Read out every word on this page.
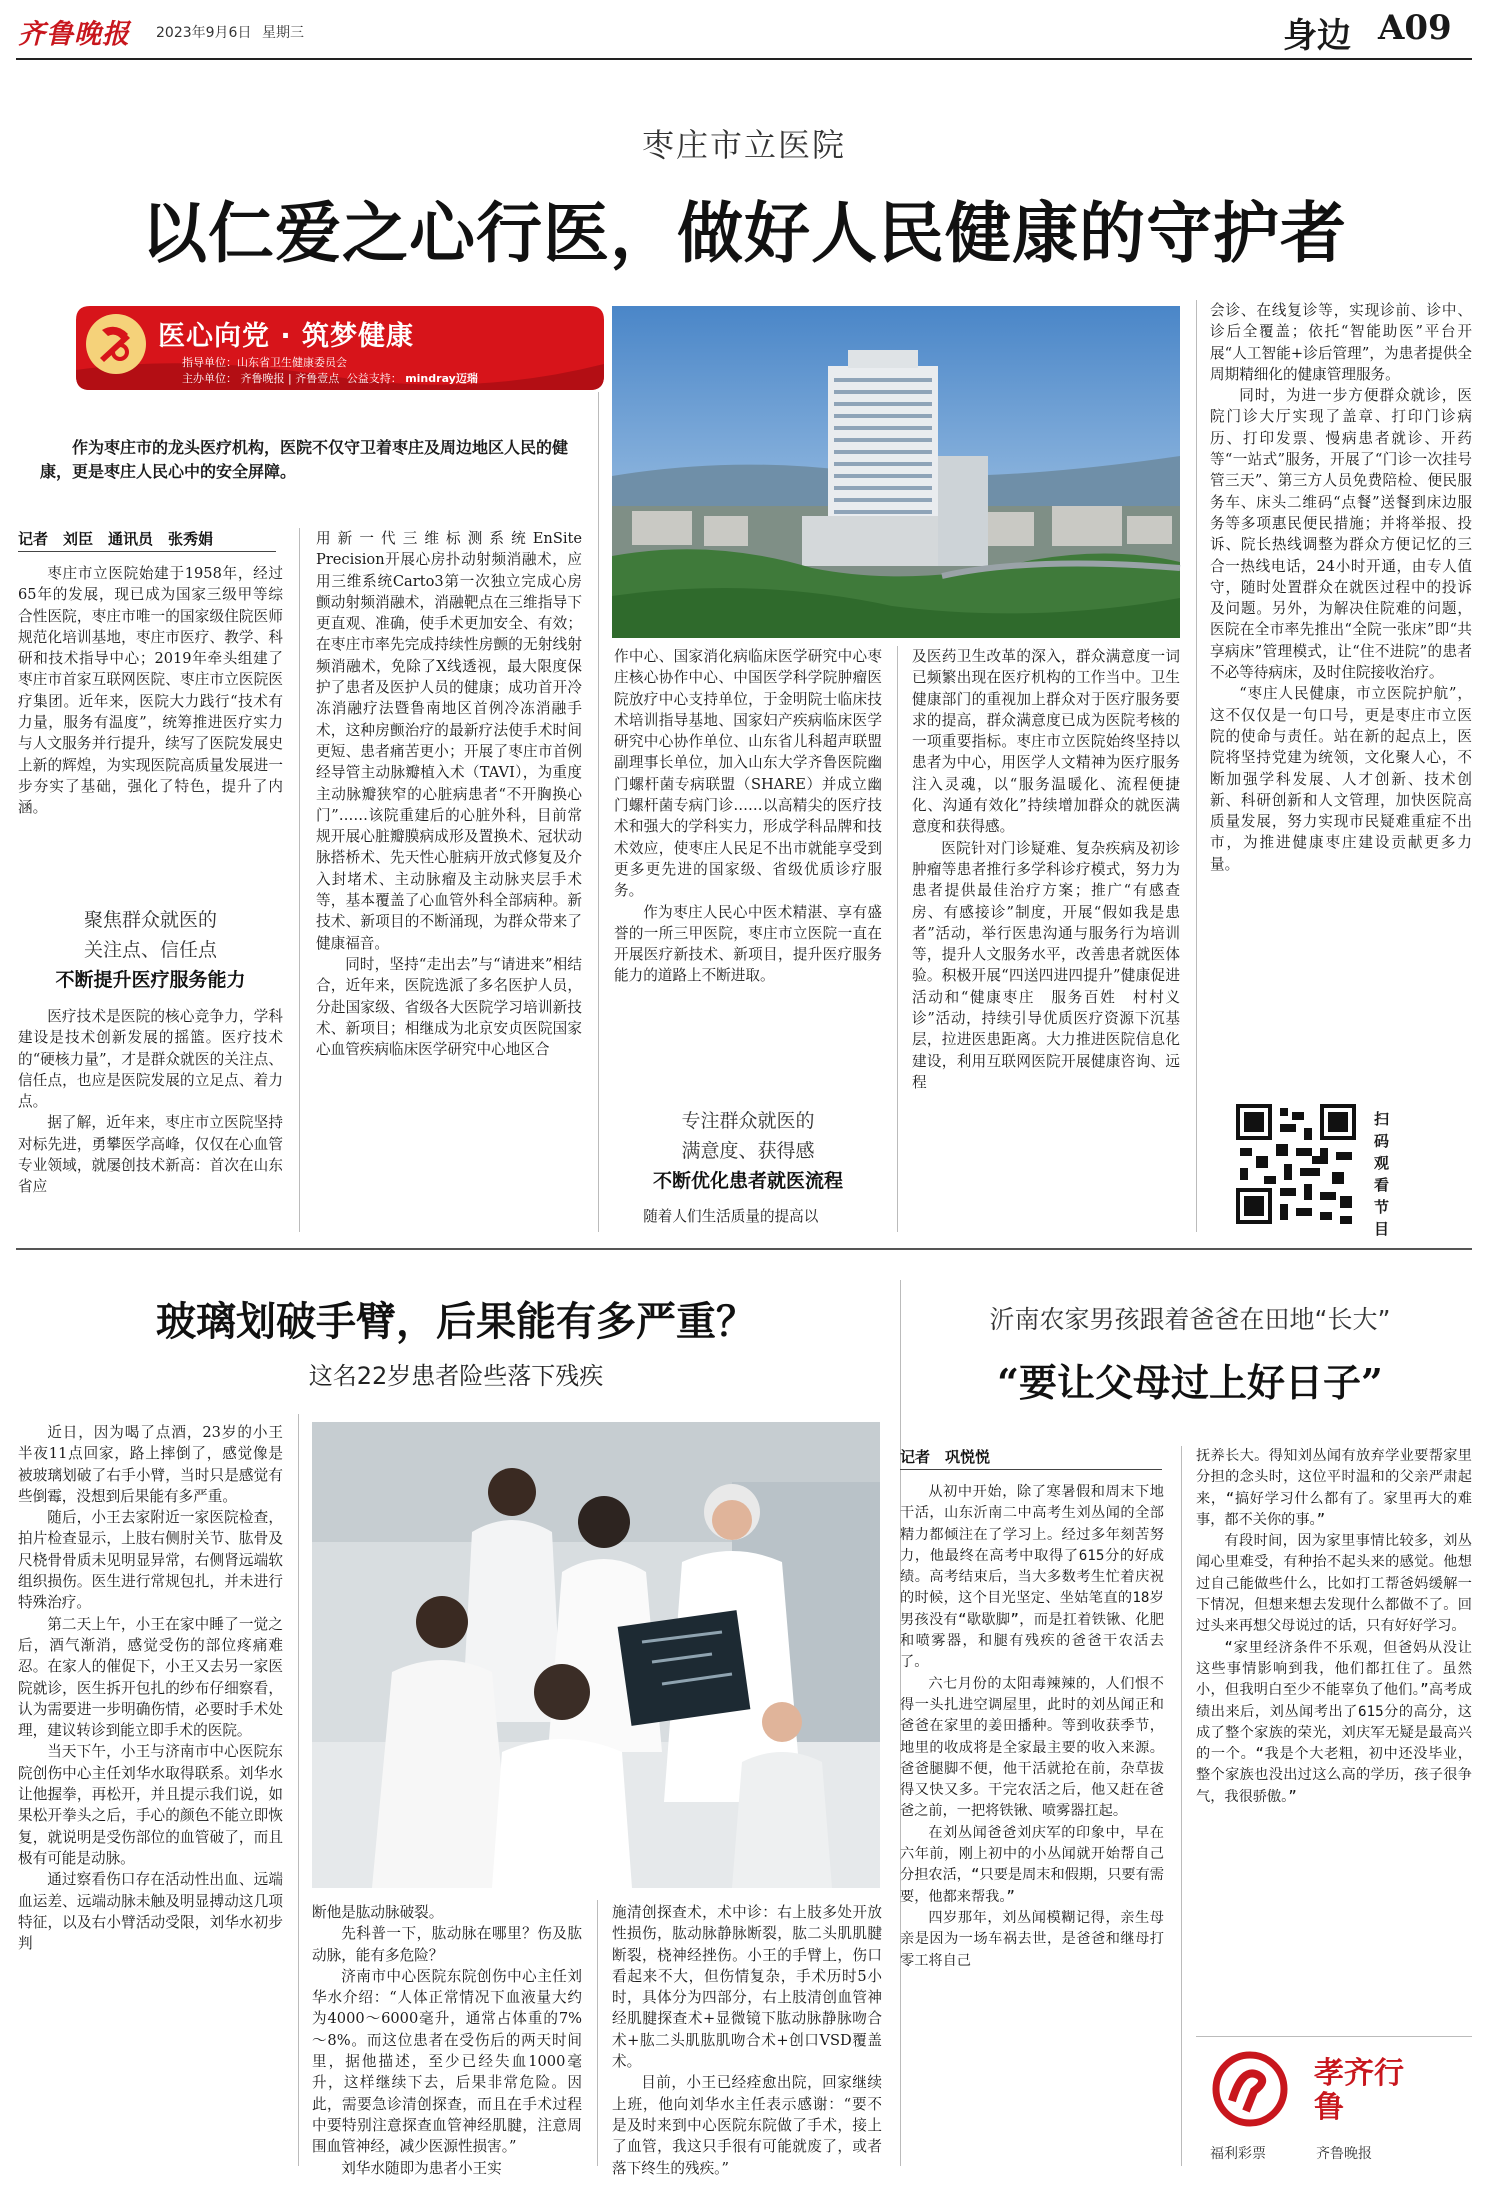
齐鲁晚报 2023年9月6日 星期三	身边 A09
枣庄市立医院
以仁爱之心行医，做好人民健康的守护者
医心向党 · 筑梦健康
指导单位：山东省卫生健康委员会
主办单位： 齐鲁晚报 | 齐鲁壹点 公益支持： mindray迈瑞
作为枣庄市的龙头医疗机构，医院不仅守卫着枣庄及周边地区人民的健康，更是枣庄人民心中的安全屏障。
记者　刘臣　通讯员　张秀娟

枣庄市立医院始建于1958年，经过65年的发展，现已成为国家三级甲等综合性医院，枣庄市唯一的国家级住院医师规范化培训基地，枣庄市医疗、教学、科研和技术指导中心；2019年牵头组建了枣庄市首家互联网医院、枣庄市立医院医疗集团。近年来，医院大力践行“技术有力量，服务有温度”，统筹推进医疗实力与人文服务并行提升，续写了医院发展史上新的辉煌，为实现医院高质量发展进一步夯实了基础，强化了特色，提升了内涵。

聚焦群众就医的
关注点、信任点
不断提升医疗服务能力

医疗技术是医院的核心竞争力，学科建设是技术创新发展的摇篮。医疗技术的“硬核力量”，才是群众就医的关注点、信任点，也应是医院发展的立足点、着力点。

据了解，近年来，枣庄市立医院坚持对标先进，勇攀医学高峰，仅仅在心血管专业领域，就屡创技术新高：首次在山东省应

用新一代三维标测系统EnSite Precision开展心房扑动射频消融术，应用三维系统Carto3第一次独立完成心房颤动射频消融术，消融靶点在三维指导下更直观、准确，使手术更加安全、有效；在枣庄市率先完成持续性房颤的无射线射频消融术，免除了X线透视，最大限度保护了患者及医护人员的健康；成功首开冷冻消融疗法暨鲁南地区首例冷冻消融手术，这种房颤治疗的最新疗法使手术时间更短、患者痛苦更小；开展了枣庄市首例经导管主动脉瓣植入术（TAVI），为重度主动脉瓣狭窄的心脏病患者“不开胸换心门”……该院重建后的心脏外科，目前常规开展心脏瓣膜病成形及置换术、冠状动脉搭桥术、先天性心脏病开放式修复及介入封堵术、主动脉瘤及主动脉夹层手术等，基本覆盖了心血管外科全部病种。新技术、新项目的不断涌现，为群众带来了健康福音。

同时，坚持“走出去”与“请进来”相结合，近年来，医院选派了多名医护人员，分赴国家级、省级各大医院学习培训新技术、新项目；相继成为北京安贞医院国家心血管疾病临床医学研究中心地区合

作中心、国家消化病临床医学研究中心枣庄核心协作中心、中国医学科学院肿瘤医院放疗中心支持单位，于金明院士临床技术培训指导基地、国家妇产疾病临床医学研究中心协作单位、山东省儿科超声联盟副理事长单位，加入山东大学齐鲁医院幽门螺杆菌专病联盟（SHARE）并成立幽门螺杆菌专病门诊……以高精尖的医疗技术和强大的学科实力，形成学科品牌和技术效应，使枣庄人民足不出市就能享受到更多更先进的国家级、省级优质诊疗服务。

作为枣庄人民心中医术精湛、享有盛誉的一所三甲医院，枣庄市立医院一直在开展医疗新技术、新项目，提升医疗服务能力的道路上不断进取。

专注群众就医的
满意度、获得感
不断优化患者就医流程

随着人们生活质量的提高以

及医药卫生改革的深入，群众满意度一词已频繁出现在医疗机构的工作当中。卫生健康部门的重视加上群众对于医疗服务要求的提高，群众满意度已成为医院考核的一项重要指标。枣庄市立医院始终坚持以患者为中心，用医学人文精神为医疗服务注入灵魂，以“服务温暖化、流程便捷化、沟通有效化”持续增加群众的就医满意度和获得感。

医院针对门诊疑难、复杂疾病及初诊肿瘤等患者推行多学科诊疗模式，努力为患者提供最佳治疗方案；推广“有感查房、有感接诊”制度，开展“假如我是患者”活动，举行医患沟通与服务行为培训等，提升人文服务水平，改善患者就医体验。积极开展“四送四进四提升”健康促进活动和“健康枣庄　服务百姓　村村义诊”活动，持续引导优质医疗资源下沉基层，拉进医患距离。大力推进医院信息化建设，利用互联网医院开展健康咨询、远程

会诊、在线复诊等，实现诊前、诊中、诊后全覆盖；依托“智能助医”平台开展“人工智能+诊后管理”，为患者提供全周期精细化的健康管理服务。

同时，为进一步方便群众就诊，医院门诊大厅实现了盖章、打印门诊病历、打印发票、慢病患者就诊、开药等“一站式”服务，开展了“门诊一次挂号管三天”、第三方人员免费陪检、便民服务车、床头二维码“点餐”送餐到床边服务等多项惠民便民措施；并将举报、投诉、院长热线调整为群众方便记忆的三合一热线电话，24小时开通，由专人值守，随时处置群众在就医过程中的投诉及问题。另外，为解决住院难的问题，医院在全市率先推出“全院一张床”即“共享病床”管理模式，让“住不进院”的患者不必等待病床，及时住院接收治疗。

“枣庄人民健康，市立医院护航”，这不仅仅是一句口号，更是枣庄市立医院的使命与责任。站在新的起点上，医院将坚持党建为统领，文化聚人心，不断加强学科发展、人才创新、技术创新、科研创新和人文管理，加快医院高质量发展，努力实现市民疑难重症不出市，为推进健康枣庄建设贡献更多力量。

扫码观看节目
玻璃划破手臂，后果能有多严重？
这名22岁患者险些落下残疾

近日，因为喝了点酒，23岁的小王半夜11点回家，路上摔倒了，感觉像是被玻璃划破了右手小臂，当时只是感觉有些倒霉，没想到后果能有多严重。

随后，小王去家附近一家医院检查，拍片检查显示，上肢右侧肘关节、肱骨及尺桡骨骨质未见明显异常，右侧肾远端软组织损伤。医生进行常规包扎，并未进行特殊治疗。

第二天上午，小王在家中睡了一觉之后，酒气渐消，感觉受伤的部位疼痛难忍。在家人的催促下，小王又去另一家医院就诊，医生拆开包扎的纱布仔细察看，认为需要进一步明确伤情，必要时手术处理，建议转诊到能立即手术的医院。

当天下午，小王与济南市中心医院东院创伤中心主任刘华水取得联系。刘华水让他握拳，再松开，并且提示我们说，如果松开拳头之后，手心的颜色不能立即恢复，就说明是受伤部位的血管破了，而且极有可能是动脉。

通过察看伤口存在活动性出血、远端血运差、远端动脉未触及明显搏动这几项特征，以及右小臂活动受限，刘华水初步判

断他是肱动脉破裂。

先科普一下，肱动脉在哪里？伤及肱动脉，能有多危险？

济南市中心医院东院创伤中心主任刘华水介绍：“人体正常情况下血液量大约为4000～6000毫升，通常占体重的7%～8%。而这位患者在受伤后的两天时间里，据他描述，至少已经失血1000毫升，这样继续下去，后果非常危险。因此，需要急诊清创探查，而且在手术过程中要特别注意探查血管神经肌腱，注意周围血管神经，减少医源性损害。”

刘华水随即为患者小王实

施清创探查术，术中诊：右上肢多处开放性损伤，肱动脉静脉断裂，肱二头肌肌腱断裂，桡神经挫伤。小王的手臂上，伤口看起来不大，但伤情复杂，手术历时5小时，具体分为四部分，右上肢清创血管神经肌腱探查术+显微镜下肱动脉静脉吻合术+肱二头肌肱肌吻合术+创口VSD覆盖术。

目前，小王已经痊愈出院，回家继续上班，他向刘华水主任表示感谢：“要不是及时来到中心医院东院做了手术，接上了血管，我这只手很有可能就废了，或者落下终生的残疾。”

沂南农家男孩跟着爸爸在田地“长大”
“要让父母过上好日子”
记者　巩悦悦

从初中开始，除了寒暑假和周末下地干活，山东沂南二中高考生刘丛闻的全部精力都倾注在了学习上。经过多年刻苦努力，他最终在高考中取得了615分的好成绩。高考结束后，当大多数考生忙着庆祝的时候，这个目光坚定、坐姑笔直的18岁男孩没有“歇歇脚”，而是扛着铁锹、化肥和喷雾器，和腿有残疾的爸爸干农活去了。

六七月份的太阳毒辣辣的，人们恨不得一头扎进空调屋里，此时的刘丛闻正和爸爸在家里的姜田播种。等到收获季节，地里的收成将是全家最主要的收入来源。爸爸腿脚不便，他干活就抢在前，杂草拔得又快又多。干完农活之后，他又赶在爸爸之前，一把将铁锹、喷雾器扛起。

在刘丛闻爸爸刘庆军的印象中，早在六年前，刚上初中的小丛闻就开始帮自己分担农活，“只要是周末和假期，只要有需要，他都来帮我。”

四岁那年，刘丛闻模糊记得，亲生母亲是因为一场车祸去世，是爸爸和继母打零工将自己

抚养长大。得知刘丛闻有放弃学业要帮家里分担的念头时，这位平时温和的父亲严肃起来，“搞好学习什么都有了。家里再大的难事，都不关你的事。”

有段时间，因为家里事情比较多，刘丛闻心里难受，有种抬不起头来的感觉。他想过自己能做些什么，比如打工帮爸妈缓解一下情况，但想来想去发现什么都做不了。回过头来再想父母说过的话，只有好好学习。

“家里经济条件不乐观，但爸妈从没让这些事情影响到我，他们都扛住了。虽然小，但我明白至少不能辜负了他们。”高考成绩出来后，刘丛闻考出了615分的高分，这成了整个家族的荣光，刘庆军无疑是最高兴的一个。“我是个大老粗，初中还没毕业，整个家族也没出过这么高的学历，孩子很争气，我很骄傲。”

孝齐行鲁
福利彩票	齐鲁晚报
